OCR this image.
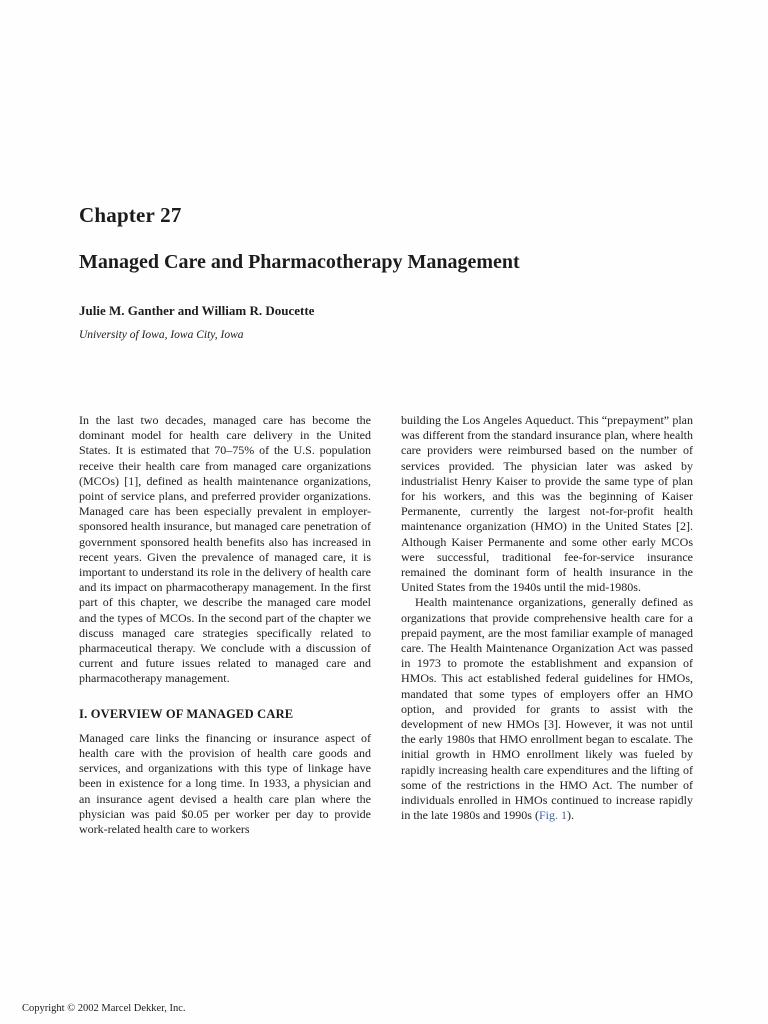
Chapter 27
Managed Care and Pharmacotherapy Management

Julie M. Ganther and William R. Doucette

University of Iowa, Iowa City, Iowa

In the last two decades, managed care has become the dominant model for health care delivery in the United States. It is estimated that 70–75% of the U.S. population receive their health care from managed care organizations (MCOs) [1], defined as health maintenance organizations, point of service plans, and preferred provider organizations. Managed care has been especially prevalent in employer-sponsored health insurance, but managed care penetration of government sponsored health benefits also has increased in recent years. Given the prevalence of managed care, it is important to understand its role in the delivery of health care and its impact on pharmacotherapy management. In the first part of this chapter, we describe the managed care model and the types of MCOs. In the second part of the chapter we discuss managed care strategies specifically related to pharmaceutical therapy. We conclude with a discussion of current and future issues related to managed care and pharmacotherapy management.

I. OVERVIEW OF MANAGED CARE

Managed care links the financing or insurance aspect of health care with the provision of health care goods and services, and organizations with this type of linkage have been in existence for a long time. In 1933, a physician and an insurance agent devised a health care plan where the physician was paid $0.05 per worker per day to provide work-related health care to workers

building the Los Angeles Aqueduct. This “prepayment” plan was different from the standard insurance plan, where health care providers were reimbursed based on the number of services provided. The physician later was asked by industrialist Henry Kaiser to provide the same type of plan for his workers, and this was the beginning of Kaiser Permanente, currently the largest not-for-profit health maintenance organization (HMO) in the United States [2]. Although Kaiser Permanente and some other early MCOs were successful, traditional fee-for-service insurance remained the dominant form of health insurance in the United States from the 1940s until the mid-1980s.

Health maintenance organizations, generally defined as organizations that provide comprehensive health care for a prepaid payment, are the most familiar example of managed care. The Health Maintenance Organization Act was passed in 1973 to promote the establishment and expansion of HMOs. This act established federal guidelines for HMOs, mandated that some types of employers offer an HMO option, and provided for grants to assist with the development of new HMOs [3]. However, it was not until the early 1980s that HMO enrollment began to escalate. The initial growth in HMO enrollment likely was fueled by rapidly increasing health care expenditures and the lifting of some of the restrictions in the HMO Act. The number of individuals enrolled in HMOs continued to increase rapidly in the late 1980s and 1990s (Fig. 1).

Copyright © 2002 Marcel Dekker, Inc.
